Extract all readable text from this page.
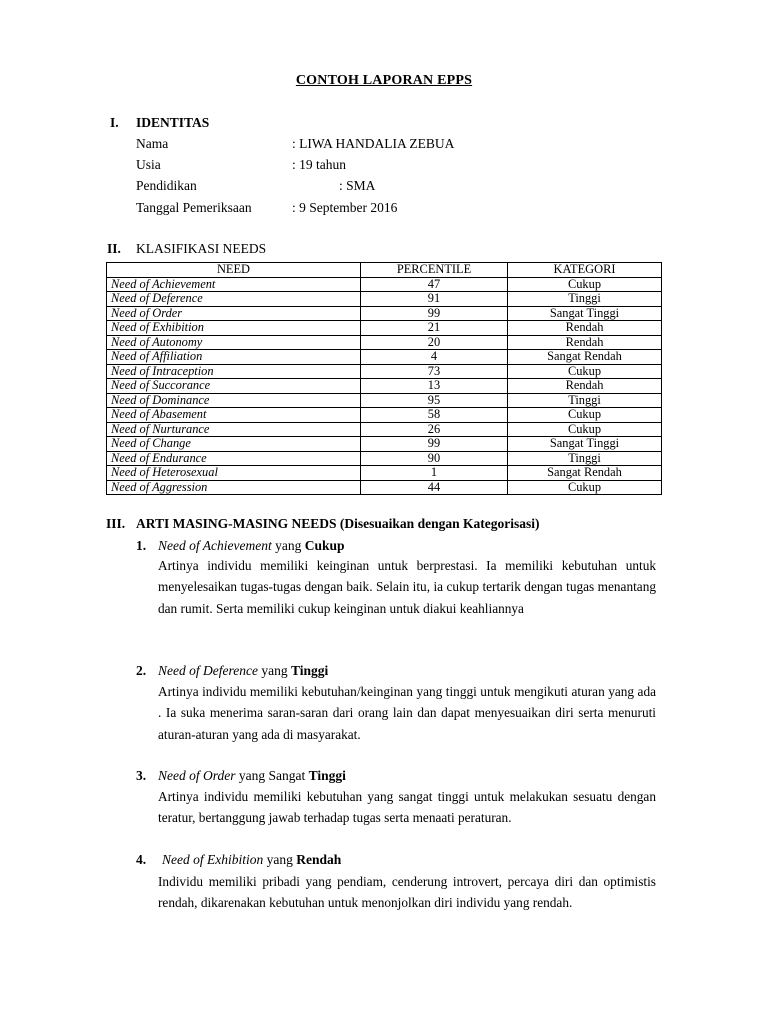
CONTOH LAPORAN EPPS
I. IDENTITAS
Nama	: LIWA HANDALIA ZEBUA
Usia	: 19 tahun
Pendidikan	: SMA
Tanggal Pemeriksaan	: 9 September 2016
II. KLASIFIKASI NEEDS
NEED	PERCENTILE	KATEGORI
Need of Achievement	47	Cukup
Need of Deference	91	Tinggi
Need of Order	99	Sangat Tinggi
Need of Exhibition	21	Rendah
Need of Autonomy	20	Rendah
Need of Affiliation	4	Sangat Rendah
Need of Intraception	73	Cukup
Need of Succorance	13	Rendah
Need of Dominance	95	Tinggi
Need of Abasement	58	Cukup
Need of Nurturance	26	Cukup
Need of Change	99	Sangat Tinggi
Need of Endurance	90	Tinggi
Need of Heterosexual	1	Sangat Rendah
Need of Aggression	44	Cukup
III. ARTI MASING-MASING NEEDS (Disesuaikan dengan Kategorisasi)
1. Need of Achievement yang Cukup
Artinya individu memiliki keinginan untuk berprestasi. Ia memiliki kebutuhan untuk menyelesaikan tugas-tugas dengan baik. Selain itu, ia cukup tertarik dengan tugas menantang dan rumit. Serta memiliki cukup keinginan untuk diakui keahliannya
2. Need of Deference yang Tinggi
Artinya individu memiliki kebutuhan/keinginan yang tinggi untuk mengikuti aturan yang ada . Ia suka menerima saran-saran dari orang lain dan dapat menyesuaikan diri serta menuruti aturan-aturan yang ada di masyarakat.
3. Need of Order yang Sangat Tinggi
Artinya individu memiliki kebutuhan yang sangat tinggi untuk melakukan sesuatu dengan teratur, bertanggung jawab terhadap tugas serta menaati peraturan.
4. Need of Exhibition yang Rendah
Individu memiliki pribadi yang pendiam, cenderung introvert, percaya diri dan optimistis rendah, dikarenakan kebutuhan untuk menonjolkan diri individu yang rendah.
